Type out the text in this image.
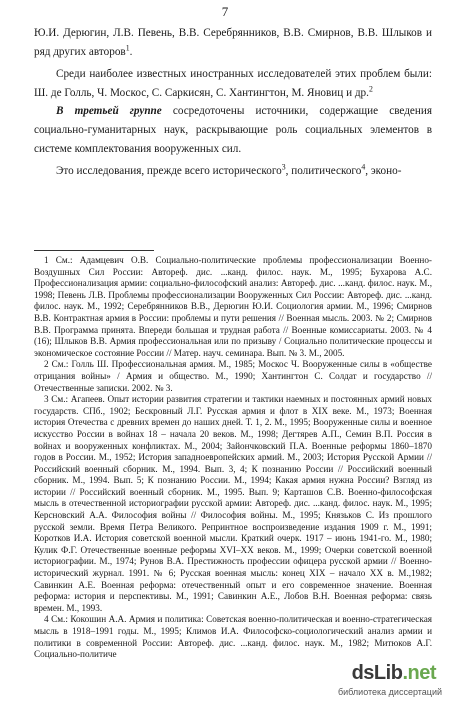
7

Ю.И. Дерюгин, Л.В. Певень, В.В. Серебрянников, В.В. Смирнов, В.В. Шлыков и ряд других авторов$^1$.

Среди наиболее известных иностранных исследователей этих проблем были: Ш. де Голль, Ч. Москос, С. Саркисян, С. Хантингтон, М. Яновиц и др.$^2$

В третьей группе сосредоточены источники, содержащие сведения социально-гуманитарных наук, раскрывающие роль социальных элементов в системе комплектования вооруженных сил.

Это исследования, прежде всего исторического$^3$, политического$^4$, эконо-

1 См.: Адамцевич О.В. Социально-политические проблемы профессионализации Военно-Воздушных Сил России: Автореф. дис. ...канд. филос. наук. М., 1995; Бухарова А.С. Профессионализация армии: социально-философский анализ: Автореф. дис. ...канд. филос. наук. М., 1998; Певень Л.В. Проблемы профессионализации Вооруженных Сил России: Автореф. дис. ...канд. филос. наук. М., 1992; Серебрянников В.В., Дерюгин Ю.И. Социология армии. М., 1996; Смирнов В.В. Контрактная армия в России: проблемы и пути решения // Военная мысль. 2003. № 2; Смирнов В.В. Программа принята. Впереди большая и трудная работа // Военные комиссариаты. 2003. № 4 (16); Шлыков В.В. Армия профессиональная или по призыву / Социально политические процессы и экономическое состояние России // Матер. науч. семинара. Вып. № 3. М., 2005.

2 См.: Голль Ш. Профессиональная армия. М., 1985; Москос Ч. Вооруженные силы в «обществе отрицания войны» / Армия и общество. М., 1990; Хантингтон С. Солдат и государство // Отечественные записки. 2002. № 3.

3 См.: Агапеев. Опыт истории развития стратегии и тактики наемных и постоянных армий новых государств. СПб., 1902; Бескровный Л.Г. Русская армия и флот в XIX веке. М., 1973; Военная история Отечества с древних времен до наших дней. Т. 1, 2. М., 1995; Вооруженные силы и военное искусство России в войнах 18 – начала 20 веков. М., 1998; Дегтярев А.П., Семин В.П. Россия в войнах и вооруженных конфликтах. М., 2004; Зайончковский П.А. Военные реформы 1860–1870 годов в России. М., 1952; История западноевропейских армий. М., 2003; История Русской Армии // Российский военный сборник. М., 1994. Вып. 3, 4; К познанию России // Российский военный сборник. М., 1994. Вып. 5; К познанию России. М., 1994; Какая армия нужна России? Взгляд из истории // Российский военный сборник. М., 1995. Вып. 9; Карташов С.В. Военно-философская мысль в отечественной историографии русской армии: Автореф. дис. ...канд. филос. наук. М., 1995; Керсновский А.А. Философия войны // Философия войны. М., 1995; Князьков С. Из прошлого русской земли. Время Петра Великого. Репринтное воспроизведение издания 1909 г. М., 1991; Коротков И.А. История советской военной мысли. Краткий очерк. 1917 – июнь 1941-го. М., 1980; Кулик Ф.Г. Отечественные военные реформы XVI–XX веков. М., 1999; Очерки советской военной историографии. М., 1974; Рунов В.А. Престижность профессии офицера русской армии // Военно-исторический журнал. 1991. № 6; Русская военная мысль: конец XIX – начало XX в. М.,1982; Савинкин А.Е. Военная реформа: отечественный опыт и его современное значение. Военная реформа: история и перспективы. М., 1991; Савинкин А.Е., Лобов В.Н. Военная реформа: связь времен. М., 1993.

4 См.: Кокошин А.А. Армия и политика: Советская военно-политическая и военно-стратегическая мысль в 1918–1991 годы. М., 1995; Климов И.А. Философско-социологический анализ армии и политики в современной России: Автореф. дис. ...канд. филос. наук. М., 1982; Митюков А.Г. Социально-политиче

dsLib.net
библиотека диссертаций
